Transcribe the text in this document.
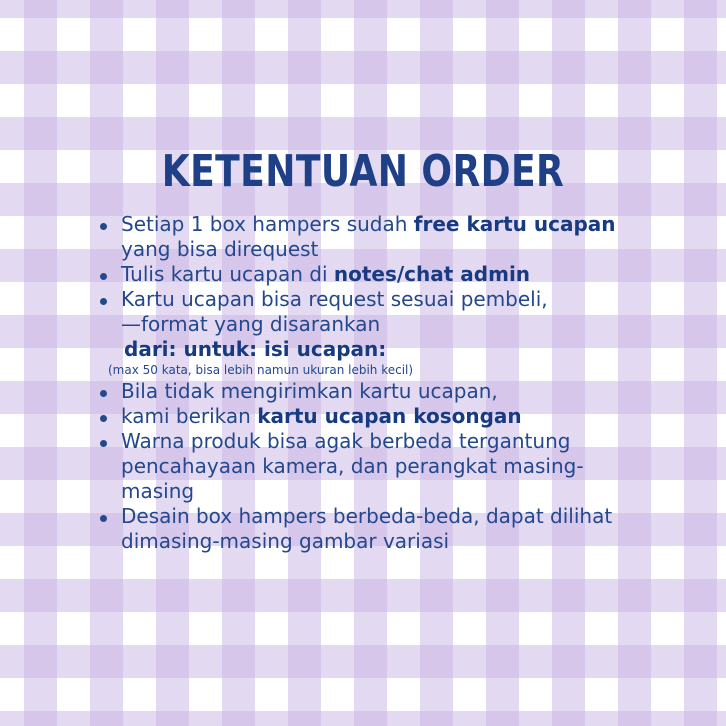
KETENTUAN ORDER
Setiap 1 box hampers sudah free kartu ucapan
yang bisa direquest
Tulis kartu ucapan di notes/chat admin
Kartu ucapan bisa request sesuai pembeli,
—format yang disarankan
dari: untuk: isi ucapan:
(max 50 kata, bisa lebih namun ukuran lebih kecil)
Bila tidak mengirimkan kartu ucapan,
kami berikan kartu ucapan kosongan
Warna produk bisa agak berbeda tergantung
pencahayaan kamera, dan perangkat masing-
masing
Desain box hampers berbeda-beda, dapat dilihat
dimasing-masing gambar variasi
